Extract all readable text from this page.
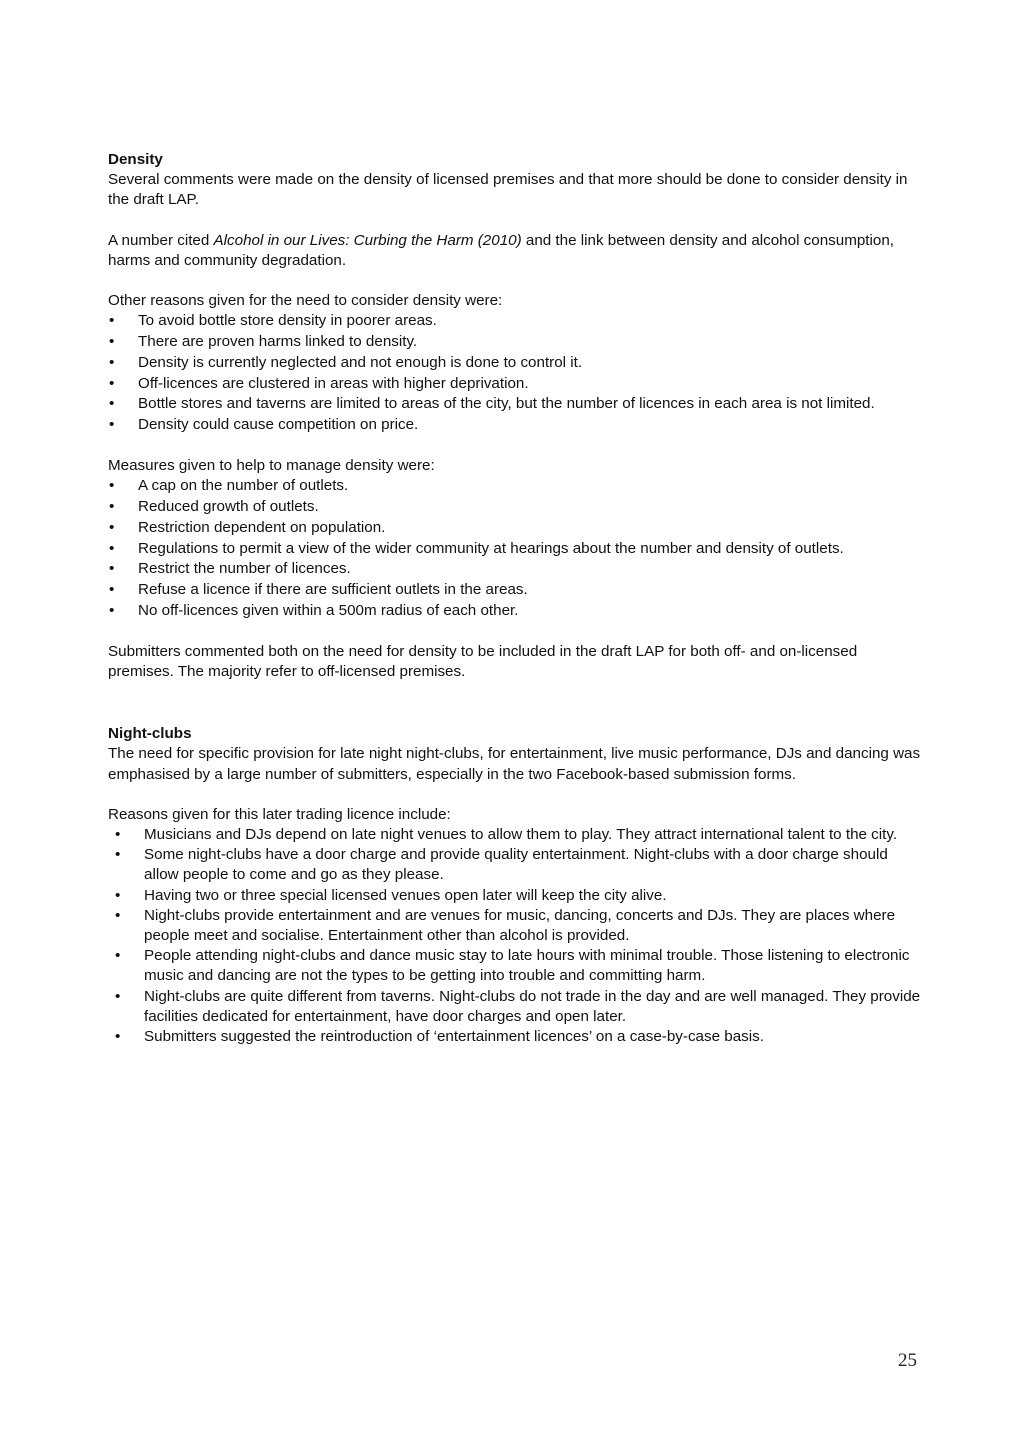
Density

Several comments were made on the density of licensed premises and that more should be done to consider density in the draft LAP.

A number cited Alcohol in our Lives: Curbing the Harm (2010) and the link between density and alcohol consumption, harms and community degradation.

Other reasons given for the need to consider density were:

• To avoid bottle store density in poorer areas.
• There are proven harms linked to density.
• Density is currently neglected and not enough is done to control it.
• Off-licences are clustered in areas with higher deprivation.
• Bottle stores and taverns are limited to areas of the city, but the number of licences in each area is not limited.
• Density could cause competition on price.

Measures given to help to manage density were:

• A cap on the number of outlets.
• Reduced growth of outlets.
• Restriction dependent on population.
• Regulations to permit a view of the wider community at hearings about the number and density of outlets.
• Restrict the number of licences.
• Refuse a licence if there are sufficient outlets in the areas.
• No off-licences given within a 500m radius of each other.

Submitters commented both on the need for density to be included in the draft LAP for both off- and on-licensed premises. The majority refer to off-licensed premises.

Night-clubs

The need for specific provision for late night night-clubs, for entertainment, live music performance, DJs and dancing was emphasised by a large number of submitters, especially in the two Facebook-based submission forms.

Reasons given for this later trading licence include:

• Musicians and DJs depend on late night venues to allow them to play. They attract international talent to the city.
• Some night-clubs have a door charge and provide quality entertainment. Night-clubs with a door charge should allow people to come and go as they please.
• Having two or three special licensed venues open later will keep the city alive.
• Night-clubs provide entertainment and are venues for music, dancing, concerts and DJs. They are places where people meet and socialise. Entertainment other than alcohol is provided.
• People attending night-clubs and dance music stay to late hours with minimal trouble. Those listening to electronic music and dancing are not the types to be getting into trouble and committing harm.
• Night-clubs are quite different from taverns. Night-clubs do not trade in the day and are well managed. They provide facilities dedicated for entertainment, have door charges and open later.
• Submitters suggested the reintroduction of ‘entertainment licences’ on a case-by-case basis.
25
